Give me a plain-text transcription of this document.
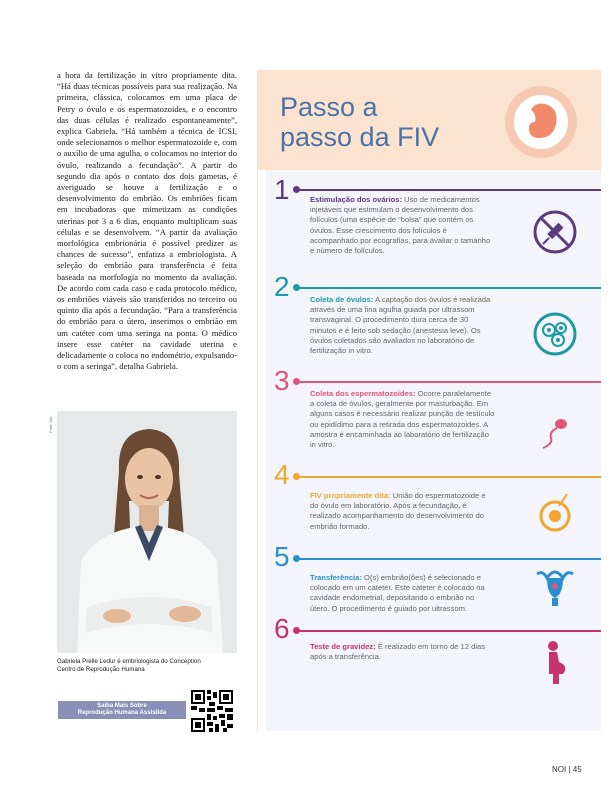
a hora da fertilização in vitro propriamente dita. “Há duas técnicas possíveis para sua realização. Na primeira, clássica, colocamos em uma placa de Petry o óvulo e os espermatozoides, e o encontro das duas células é realizado espontaneamente”, explica Gabriela. “Há também a técnica de ICSI, onde selecionamos o melhor espermatozoide e, com o auxílio de uma agulha, o colocamos no interior do óvulo, realizando a fecundação”. A partir do segundo dia após o contato dos dois gametas, é averiguado se houve a fertilização e o desenvolvimento do embrião. Os embriões ficam em incubadoras que mimetizam as condições uterinas por 3 a 6 dias, enquanto multiplicam suas células e se desenvolvem. “A partir da avaliação morfológica embrionária é possível predizer as chances de sucesso”, enfatiza a embriologista. A seleção do embrião para transferência é feita baseada na morfologia no momento da avaliação. De acordo com cada caso e cada protocolo médico, os embriões viáveis são transferidos no terceiro ou quinto dia após a fecundação. “Para a transferência do embrião para o útero, inserimos o embrião em um catéter com uma seringa na ponta. O médico insere esse catéter na cavidade uterina e delicadamente o coloca no endométrio, expulsando-o com a seringa”, detalha Gabriela.
Foto: Div.
Gabriela Prelle Ledur é embriologista do Conception
Centro de Reprodução Humana
Saiba Mais Sobre
Reprodução Humana Assistida
Passo a
passo da FIV
1	Estimulação dos ovários: Uso de medicamentos injetáveis que estimulam o desenvolvimento dos folículos (uma espécie de “bolsa” que contém os óvulos. Esse crescimento dos folículos é acompanhado por ecografias, para avaliar o tamanho e número de folículos.
2	Coleta de óvulos: A captação dos óvulos é realizada através de uma fina agulha guiada por ultrassom transvaginal. O procedimento dura cerca de 30 minutos e é feito sob sedação (anestesia leve). Os óvulos coletados são avaliados no laboratório de fertilização in vitro.
3	Coleta dos espermatozoides: Ocorre paralelamente a coleta de óvulos, geralmente por masturbação. Em alguns casos é necessário realizar punção de testículo ou epidídimo para a retirada dos espermatozoides. A amostra é encaminhada ao laboratório de fertilização in vitro.
4
FIV propriamente dita: União do espermatozoide e do óvulo em laboratório. Após a fecundação, é realizado acompanhamento do desenvolvimento do embrião formado.
5
Transferência: O(s) embrião(ões) é selecionado e colocado em um cateter. Este cateter é colocado na cavidade endometrial, depositando o embrião no útero. O procedimento é guiado por ultrassom.
6
Teste de gravidez: É realizado em torno de 12 dias após a transferência.
NOI | 45
